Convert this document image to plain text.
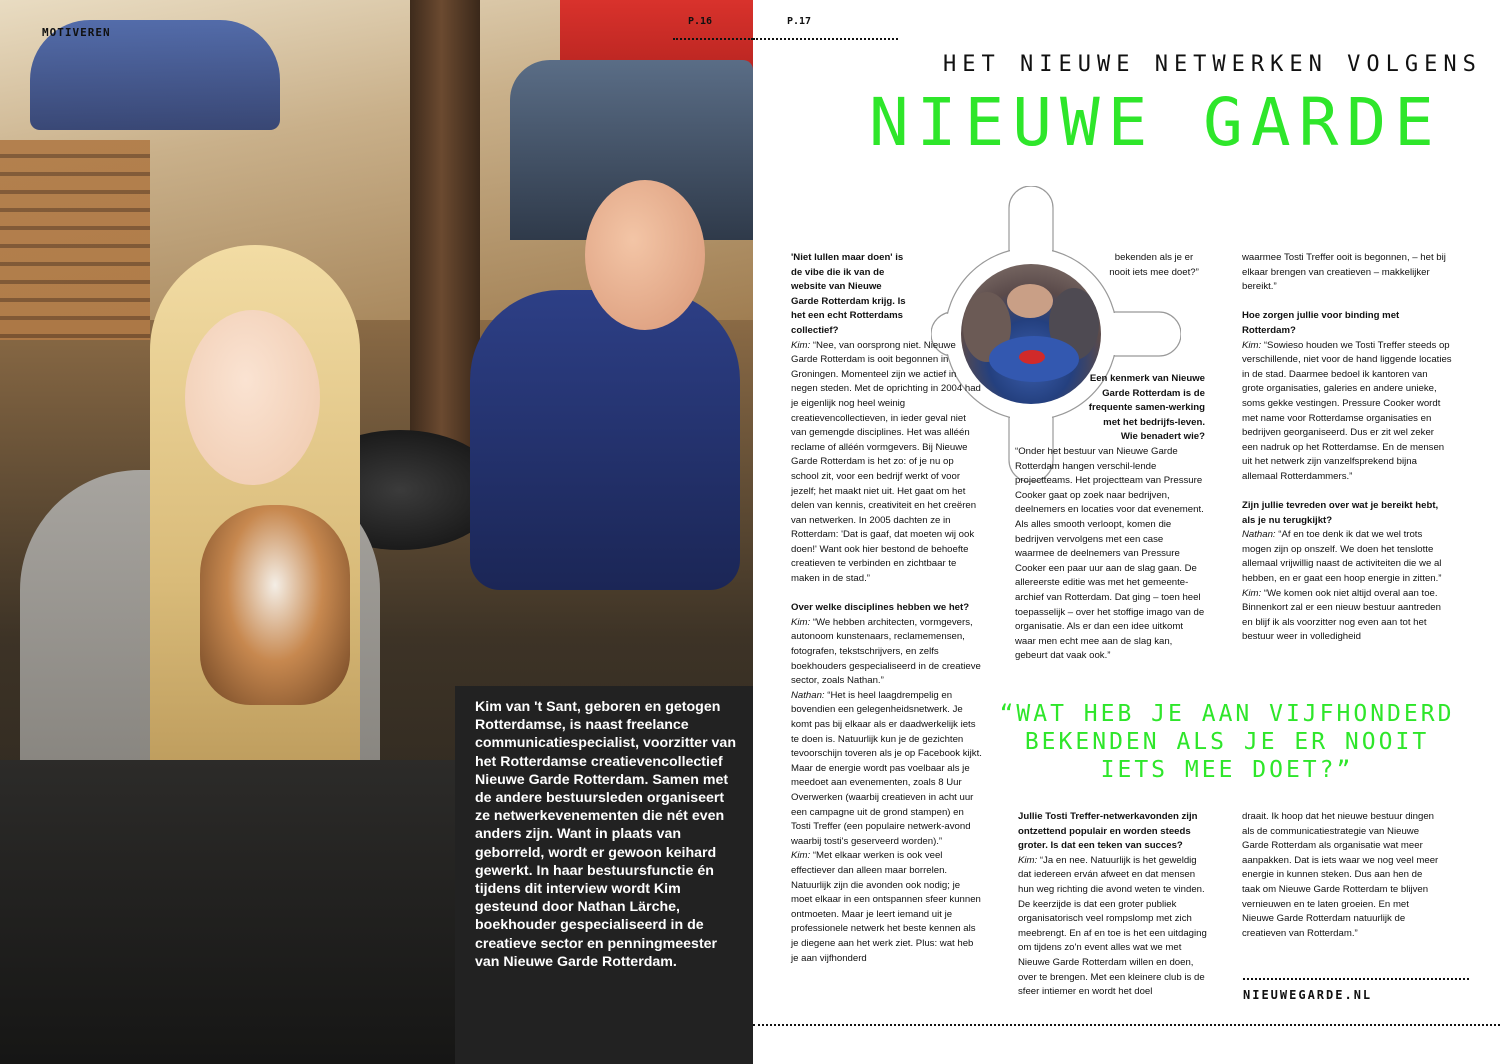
MOTIVEREN
P.16
Kim van 't Sant, geboren en getogen Rotterdamse, is naast freelance communicatiespecialist, voorzitter van het Rotterdamse creatievencollectief Nieuwe Garde Rotterdam. Samen met de andere bestuursleden organiseert ze netwerkevenementen die nét even anders zijn. Want in plaats van geborreld, wordt er gewoon keihard gewerkt. In haar bestuursfunctie én tijdens dit interview wordt Kim gesteund door Nathan Lärche, boekhouder gespecialiseerd in de creatieve sector en penningmeester van Nieuwe Garde Rotterdam.
P.17
HET NIEUWE NETWERKEN VOLGENS
NIEUWE GARDE

'Niet lullen maar doen' is de vibe die ik van de website van Nieuwe Garde Rotterdam krijg. Is het een echt Rotterdams collectief?
Kim: “Nee, van oorsprong niet. Nieuwe Garde Rotterdam is ooit begonnen in Groningen. Momenteel zijn we actief in negen steden. Met de oprichting in 2004 had je eigenlijk nog heel weinig creatievencollectieven, in ieder geval niet van gemengde disciplines. Het was alléén reclame of alléén vormgevers. Bij Nieuwe Garde Rotterdam is het zo: of je nu op school zit, voor een bedrijf werkt of voor jezelf; het maakt niet uit. Het gaat om het delen van kennis, creativiteit en het creëren van netwerken. In 2005 dachten ze in Rotterdam: 'Dat is gaaf, dat moeten wij ook doen!' Want ook hier bestond de behoefte creatieven te verbinden en zichtbaar te maken in de stad.”

Over welke disciplines hebben we het?
Kim: “We hebben architecten, vormgevers, autonoom kunstenaars, reclamemensen, fotografen, tekstschrijvers, en zelfs boekhouders gespecialiseerd in de creatieve sector, zoals Nathan.”
Nathan: “Het is heel laagdrempelig en bovendien een gelegenheidsnetwerk. Je komt pas bij elkaar als er daadwerkelijk iets te doen is. Natuurlijk kun je de gezichten tevoorschijn toveren als je op Facebook kijkt. Maar de energie wordt pas voelbaar als je meedoet aan evenementen, zoals 8 Uur Overwerken (waarbij creatieven in acht uur een campagne uit de grond stampen) en Tosti Treffer (een populaire netwerk-avond waarbij tosti's geserveerd worden).”
Kim: “Met elkaar werken is ook veel effectiever dan alleen maar borrelen. Natuurlijk zijn die avonden ook nodig; je moet elkaar in een ontspannen sfeer kunnen ontmoeten. Maar je leert iemand uit je professionele netwerk het beste kennen als je diegene aan het werk ziet. Plus: wat heb je aan vijfhonderd

bekenden als je er nooit iets mee doet?”

Een kenmerk van Nieuwe Garde Rotterdam is de frequente samen-werking met het bedrijfs-leven. Wie benadert wie?
“Onder het bestuur van Nieuwe Garde Rotterdam hangen verschil-lende projectteams. Het projectteam van Pressure Cooker gaat op zoek naar bedrijven, deelnemers en locaties voor dat evenement. Als alles smooth verloopt, komen die bedrijven vervolgens met een case waarmee de deelnemers van Pressure Cooker een paar uur aan de slag gaan. De allereerste editie was met het gemeente-archief van Rotterdam. Dat ging – toen heel toepasselijk – over het stoffige imago van de organisatie. Als er dan een idee uitkomt waar men echt mee aan de slag kan, gebeurt dat vaak ook.”

Jullie Tosti Treffer-netwerkavonden zijn ontzettend populair en worden steeds groter. Is dat een teken van succes?
Kim: “Ja en nee. Natuurlijk is het geweldig dat iedereen erván afweet en dat mensen hun weg richting die avond weten te vinden. De keerzijde is dat een groter publiek organisatorisch veel rompslomp met zich meebrengt. En af en toe is het een uitdaging om tijdens zo'n event alles wat we met Nieuwe Garde Rotterdam willen en doen, over te brengen. Met een kleinere club is de sfeer intiemer en wordt het doel

waarmee Tosti Treffer ooit is begonnen, – het bij elkaar brengen van creatieven – makkelijker bereikt.”

Hoe zorgen jullie voor binding met Rotterdam?
Kim: “Sowieso houden we Tosti Treffer steeds op verschillende, niet voor de hand liggende locaties in de stad. Daarmee bedoel ik kantoren van grote organisaties, galeries en andere unieke, soms gekke vestingen. Pressure Cooker wordt met name voor Rotterdamse organisaties en bedrijven georganiseerd. Dus er zit wel zeker een nadruk op het Rotterdamse. En de mensen uit het netwerk zijn vanzelfsprekend bijna allemaal Rotterdammers.”

Zijn jullie tevreden over wat je bereikt hebt, als je nu terugkijkt?
Nathan: “Af en toe denk ik dat we wel trots mogen zijn op onszelf. We doen het tenslotte allemaal vrijwillig naast de activiteiten die we al hebben, en er gaat een hoop energie in zitten.”
Kim: “We komen ook niet altijd overal aan toe. Binnenkort zal er een nieuw bestuur aantreden en blijf ik als voorzitter nog even aan tot het bestuur weer in volledigheid

draait. Ik hoop dat het nieuwe bestuur dingen als de communicatiestrategie van Nieuwe Garde Rotterdam als organisatie wat meer aanpakken. Dat is iets waar we nog veel meer energie in kunnen steken. Dus aan hen de taak om Nieuwe Garde Rotterdam te blijven vernieuwen en te laten groeien. En met Nieuwe Garde Rotterdam natuurlijk de creatieven van Rotterdam.”
“WAT HEB JE AAN VIJFHONDERD
BEKENDEN ALS JE ER NOOIT
IETS MEE DOET?”
NIEUWEGARDE.NL
